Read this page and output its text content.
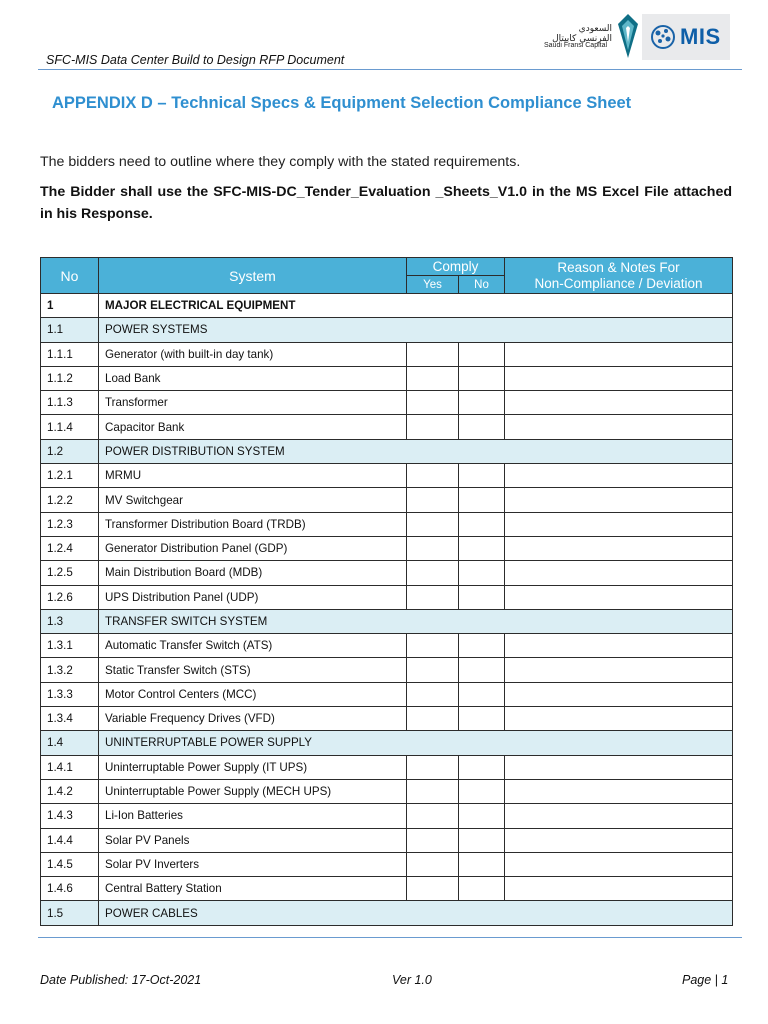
SFC-MIS Data Center Build to Design RFP Document
السعودي الفرنسي كابيتال
Saudi Fransi Capital	MIS
APPENDIX D – Technical Specs & Equipment Selection Compliance Sheet
The bidders need to outline where they comply with the stated requirements.
The Bidder shall use the SFC-MIS-DC_Tender_Evaluation _Sheets_V1.0 in the MS Excel File attached in his Response.
No	System	Comply		Reason & Notes For
Non-Compliance / Deviation

		Yes	No	
1	MAJOR ELECTRICAL EQUIPMENT			
1.1	POWER SYSTEMS			
1.1.1	Generator (with built-in day tank)			
1.1.2	Load Bank			
1.1.3	Transformer			
1.1.4	Capacitor Bank			
1.2	POWER DISTRIBUTION SYSTEM			
1.2.1	MRMU			
1.2.2	MV Switchgear			
1.2.3	Transformer Distribution Board (TRDB)			
1.2.4	Generator Distribution Panel (GDP)			
1.2.5	Main Distribution Board (MDB)			
1.2.6	UPS Distribution Panel (UDP)			
1.3	TRANSFER SWITCH SYSTEM			
1.3.1	Automatic Transfer Switch (ATS)			
1.3.2	Static Transfer Switch (STS)			
1.3.3	Motor Control Centers (MCC)			
1.3.4	Variable Frequency Drives (VFD)			
1.4	UNINTERRUPTABLE POWER SUPPLY			
1.4.1	Uninterruptable Power Supply (IT UPS)			
1.4.2	Uninterruptable Power Supply (MECH UPS)			
1.4.3	Li-Ion Batteries			
1.4.4	Solar PV Panels			
1.4.5	Solar PV Inverters			
1.4.6	Central Battery Station			
1.5	POWER CABLES			
Date Published: 17-Oct-2021	Ver 1.0	Page | 1
